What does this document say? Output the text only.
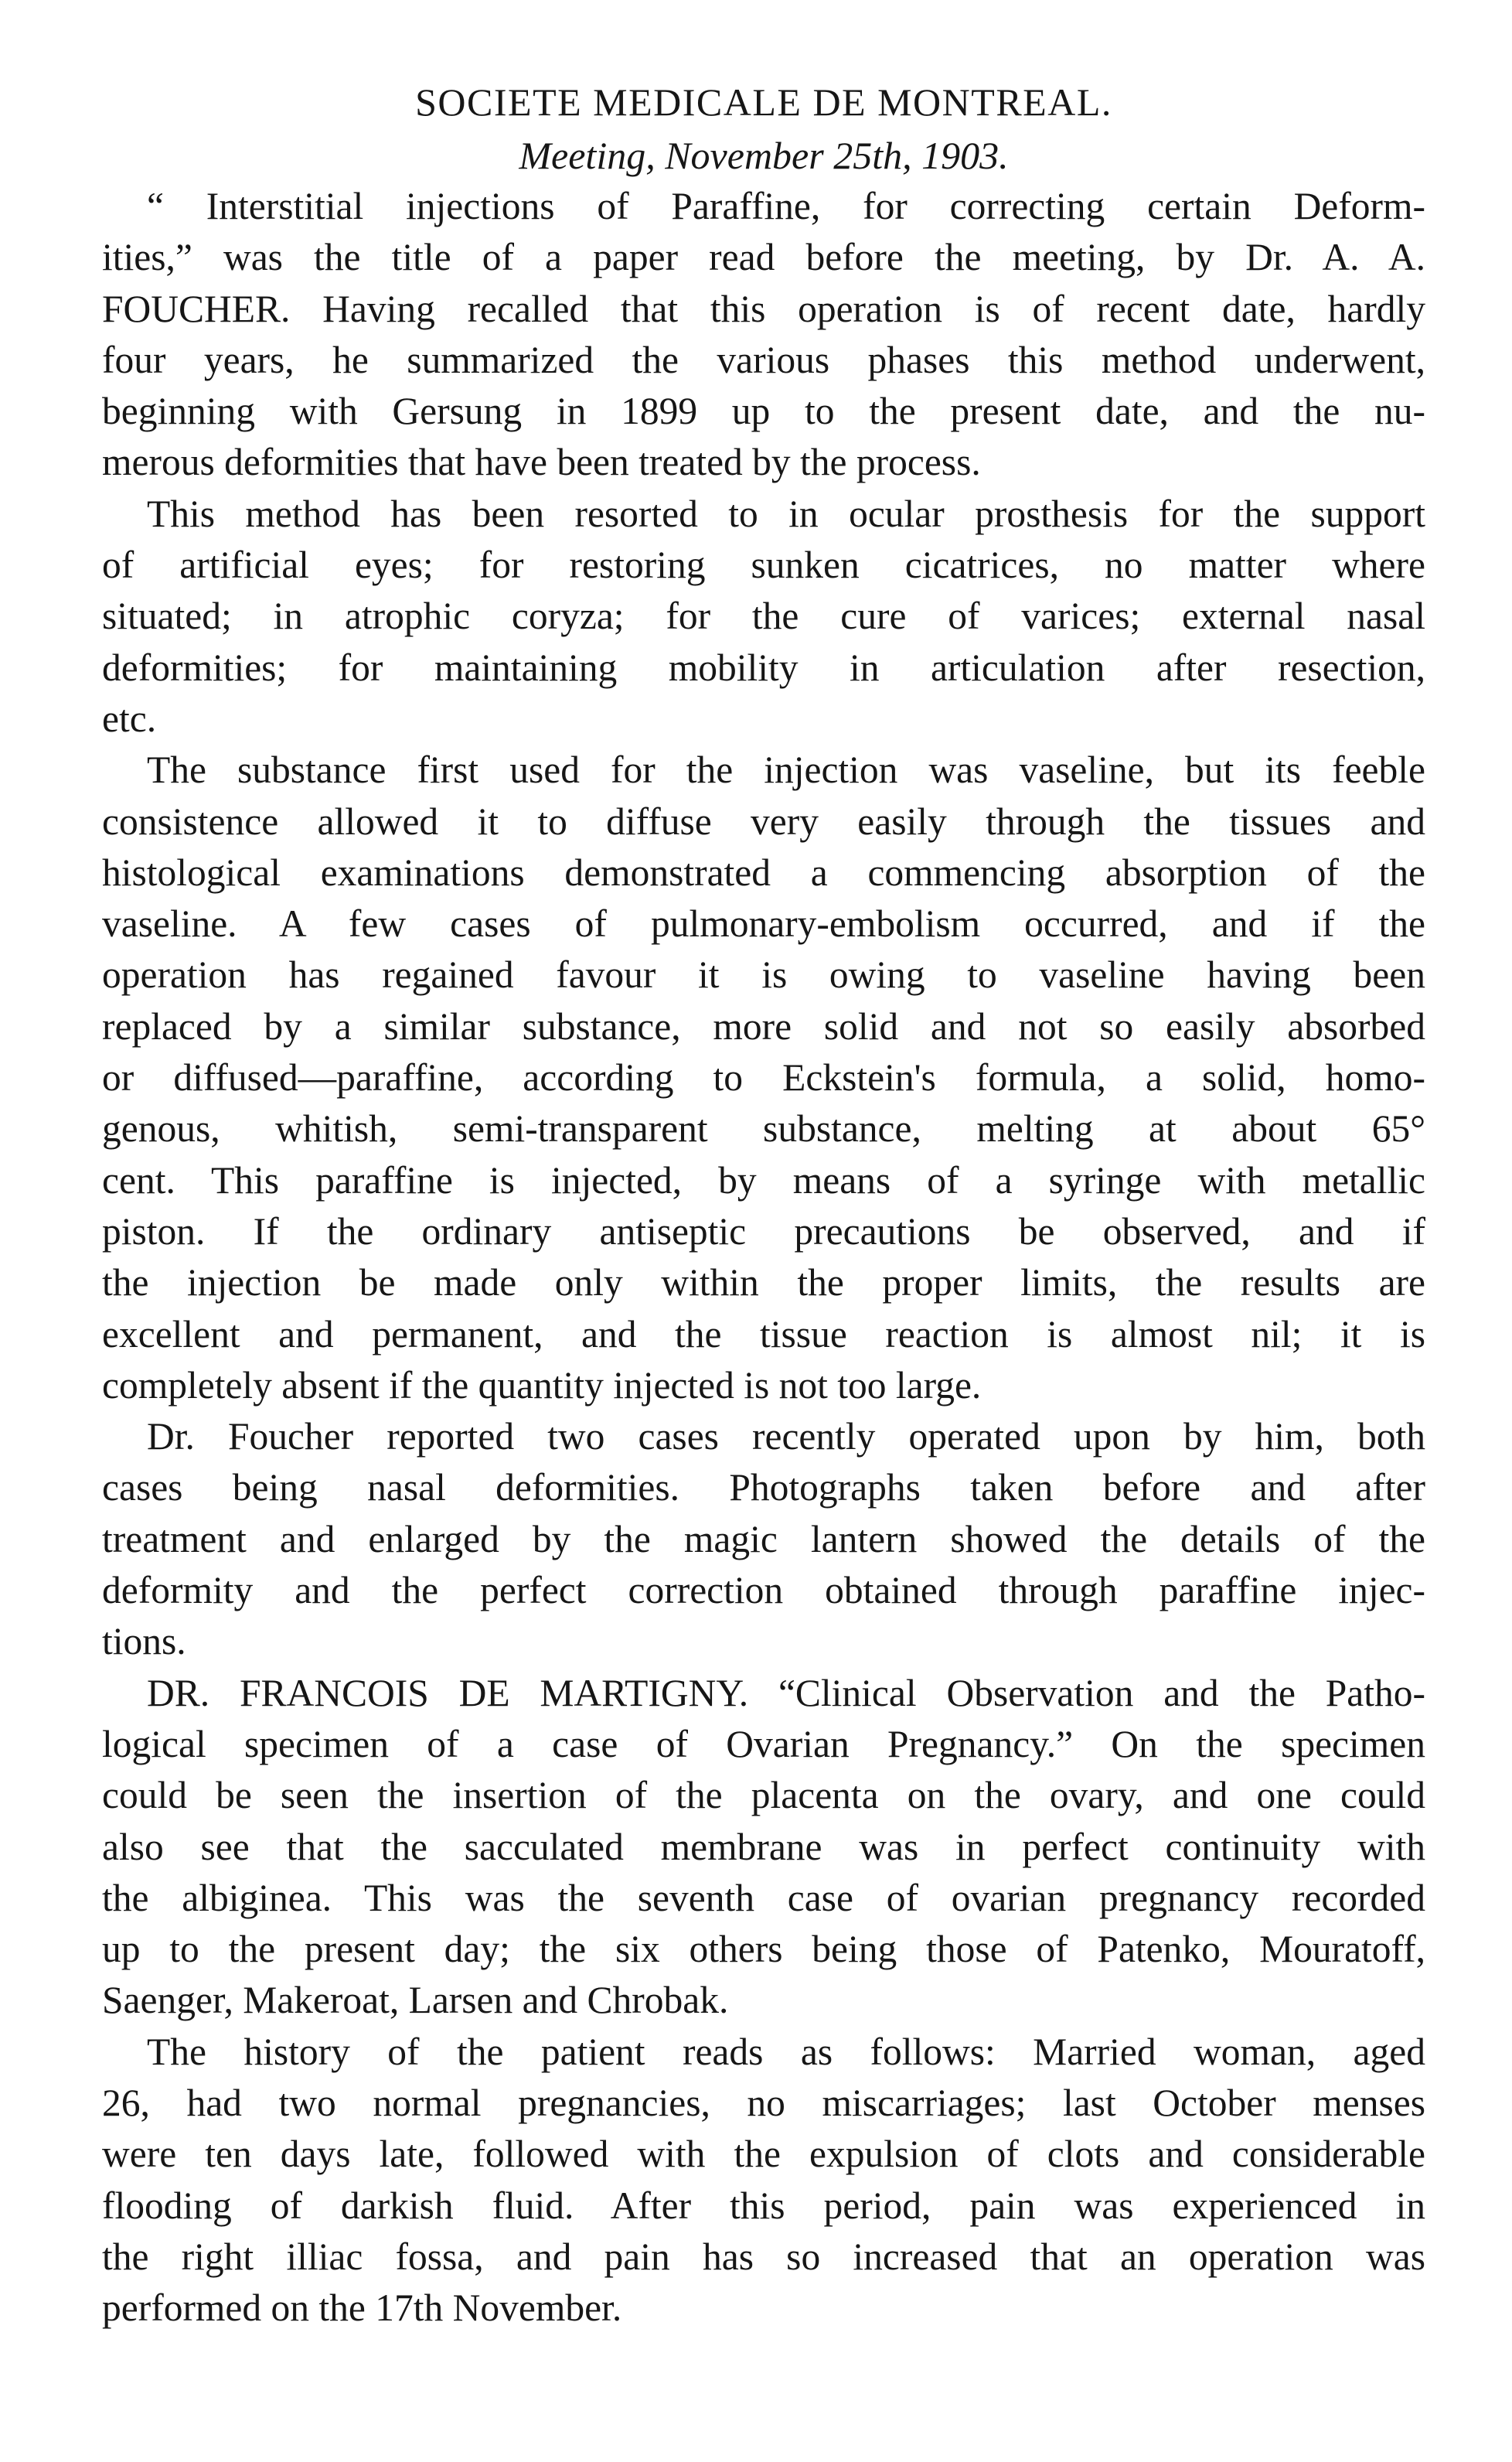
SOCIETE MEDICALE DE MONTREAL.

Meeting, November 25th, 1903.

“ Interstitial injections of Paraffine, for correcting certain Deform-
ities,” was the title of a paper read before the meeting, by Dr. A. A.
FOUCHER. Having recalled that this operation is of recent date, hardly
four years, he summarized the various phases this method underwent,
beginning with Gersung in 1899 up to the present date, and the nu-
merous deformities that have been treated by the process.
This method has been resorted to in ocular prosthesis for the support
of artificial eyes; for restoring sunken cicatrices, no matter where
situated; in atrophic coryza; for the cure of varices; external nasal
deformities; for maintaining mobility in articulation after resection,
etc.
The substance first used for the injection was vaseline, but its feeble
consistence allowed it to diffuse very easily through the tissues and
histological examinations demonstrated a commencing absorption of the
vaseline. A few cases of pulmonary-embolism occurred, and if the
operation has regained favour it is owing to vaseline having been
replaced by a similar substance, more solid and not so easily absorbed
or diffused—paraffine, according to Eckstein's formula, a solid, homo-
genous, whitish, semi-transparent substance, melting at about 65°
cent. This paraffine is injected, by means of a syringe with metallic
piston. If the ordinary antiseptic precautions be observed, and if
the injection be made only within the proper limits, the results are
excellent and permanent, and the tissue reaction is almost nil; it is
completely absent if the quantity injected is not too large.
Dr. Foucher reported two cases recently operated upon by him, both
cases being nasal deformities. Photographs taken before and after
treatment and enlarged by the magic lantern showed the details of the
deformity and the perfect correction obtained through paraffine injec-
tions.
DR. FRANCOIS DE MARTIGNY. “Clinical Observation and the Patho-
logical specimen of a case of Ovarian Pregnancy.” On the specimen
could be seen the insertion of the placenta on the ovary, and one could
also see that the sacculated membrane was in perfect continuity with
the albiginea. This was the seventh case of ovarian pregnancy recorded
up to the present day; the six others being those of Patenko, Mouratoff,
Saenger, Makeroat, Larsen and Chrobak.
The history of the patient reads as follows: Married woman, aged
26, had two normal pregnancies, no miscarriages; last October menses
were ten days late, followed with the expulsion of clots and considerable
flooding of darkish fluid. After this period, pain was experienced in
the right illiac fossa, and pain has so increased that an operation was
performed on the 17th November.
